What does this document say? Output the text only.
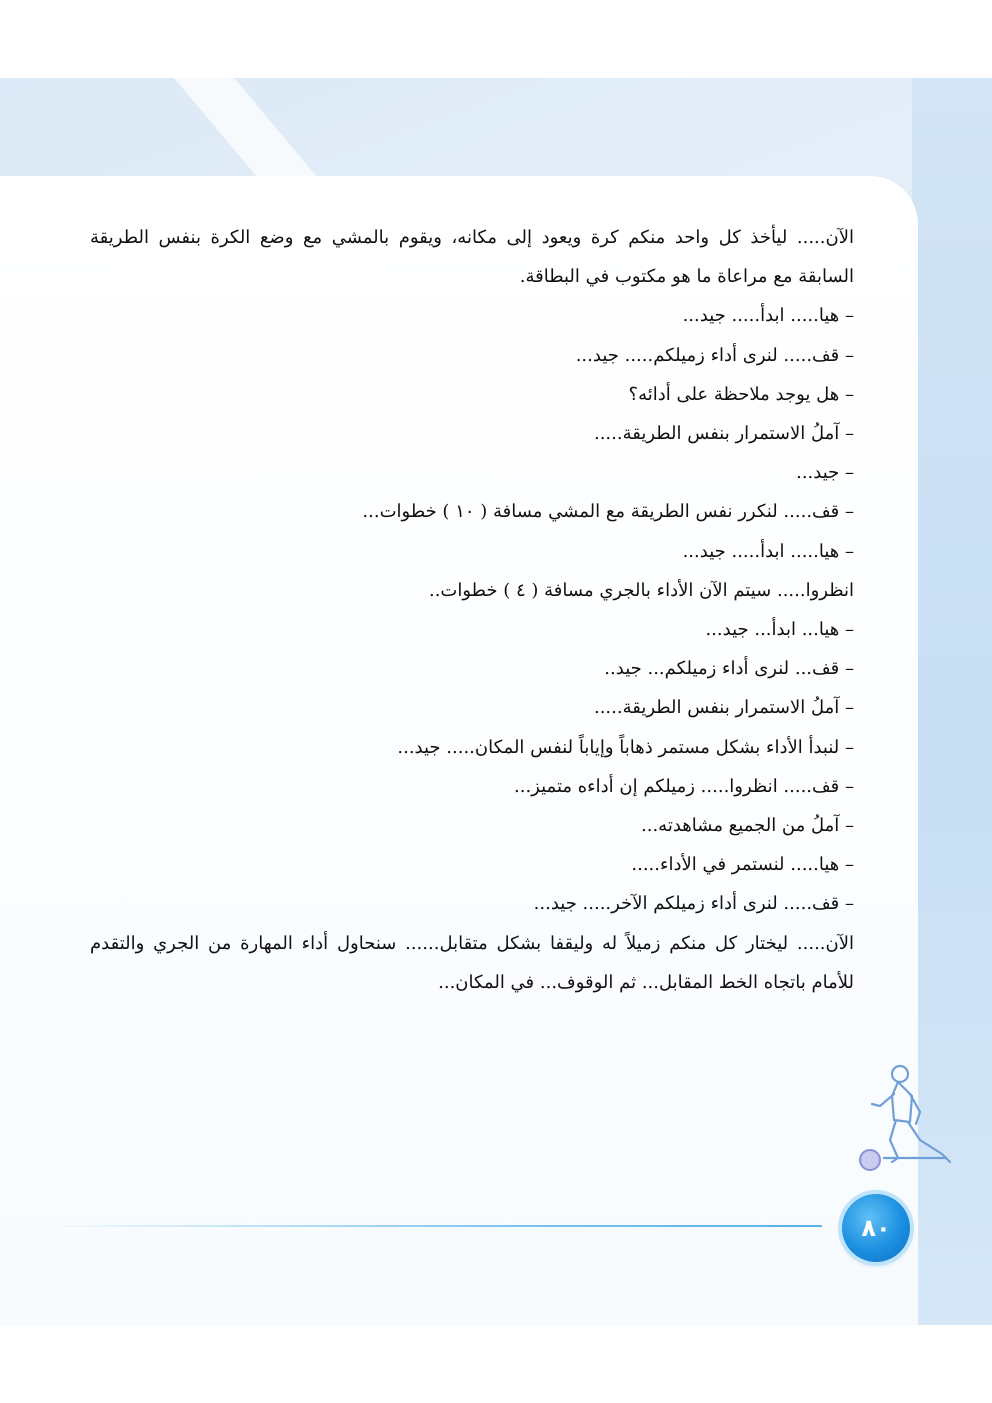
الآن..... ليأخذ كل واحد منكم كرة ويعود إلى مكانه، ويقوم بالمشي مع وضع الكرة بنفس الطريقة السابقة مع مراعاة ما هو مكتوب في البطاقة.

– هيا..... ابدأ..... جيد...

– قف..... لنرى أداء زميلكم..... جيد...

– هل يوجد ملاحظة على أدائه؟

– آملُ الاستمرار بنفس الطريقة.....

– جيد...

– قف..... لنكرر نفس الطريقة مع المشي مسافة ( ١٠ ) خطوات...

– هيا..... ابدأ..... جيد...

انظروا..... سيتم الآن الأداء بالجري مسافة ( ٤ ) خطوات..

– هيا... ابدأ... جيد...

– قف... لنرى أداء زميلكم... جيد..

– آملُ الاستمرار بنفس الطريقة.....

– لنبدأ الأداء بشكل مستمر ذهاباً وإياباً لنفس المكان..... جيد...

– قف..... انظروا..... زميلكم إن أداءه متميز...

– آملُ من الجميع مشاهدته...

– هيا..... لنستمر في الأداء.....

– قف..... لنرى أداء زميلكم الآخر..... جيد...

الآن..... ليختار كل منكم زميلاً له وليقفا بشكل متقابل...... سنحاول أداء المهارة من الجري والتقدم للأمام باتجاه الخط المقابل... ثم الوقوف... في المكان...

٨٠
